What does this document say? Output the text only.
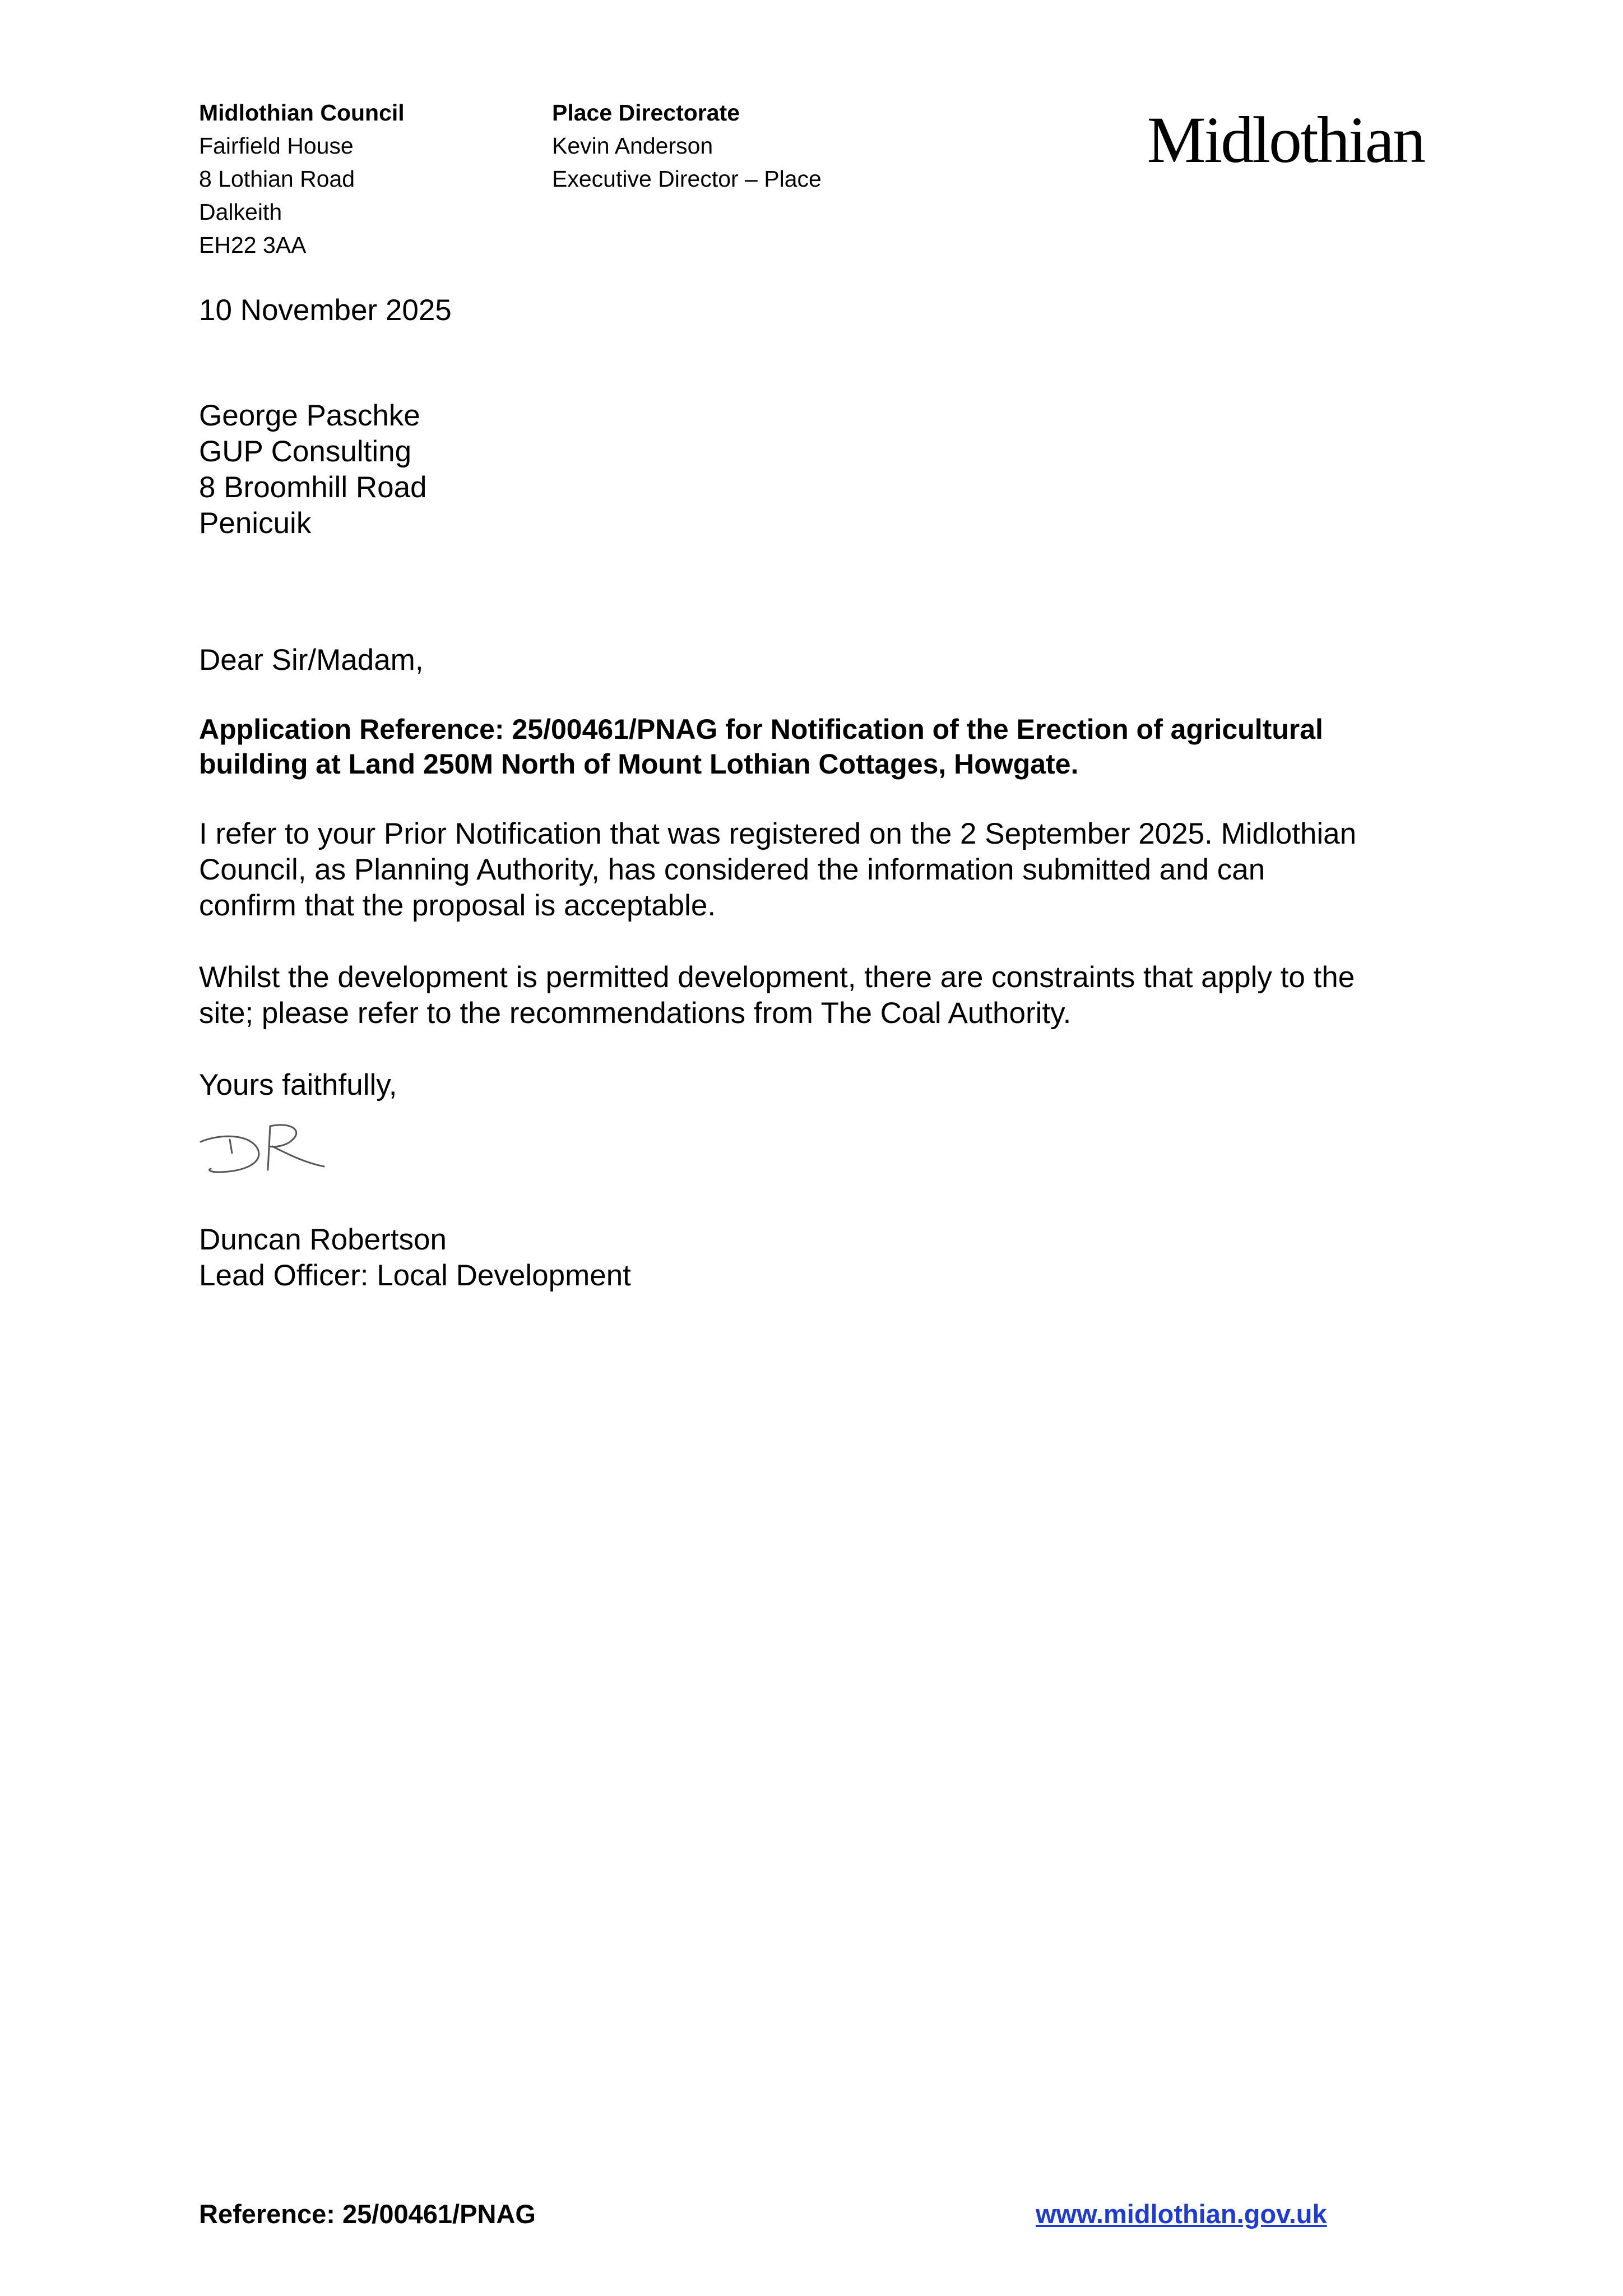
Midlothian Council
Fairfield House
8 Lothian Road
Dalkeith
EH22 3AA
Place Directorate
Kevin Anderson
Executive Director – Place
Midlothian
10 November 2025
George Paschke
GUP Consulting
8 Broomhill Road
Penicuik
Dear Sir/Madam,
Application Reference: 25/00461/PNAG for Notification of the Erection of agricultural
building at Land 250M North of Mount Lothian Cottages, Howgate.
I refer to your Prior Notification that was registered on the 2 September 2025. Midlothian
Council, as Planning Authority, has considered the information submitted and can
confirm that the proposal is acceptable.
Whilst the development is permitted development, there are constraints that apply to the
site; please refer to the recommendations from The Coal Authority.
Yours faithfully,
Duncan Robertson
Lead Officer: Local Development
Reference: 25/00461/PNAG	www.midlothian.gov.uk
